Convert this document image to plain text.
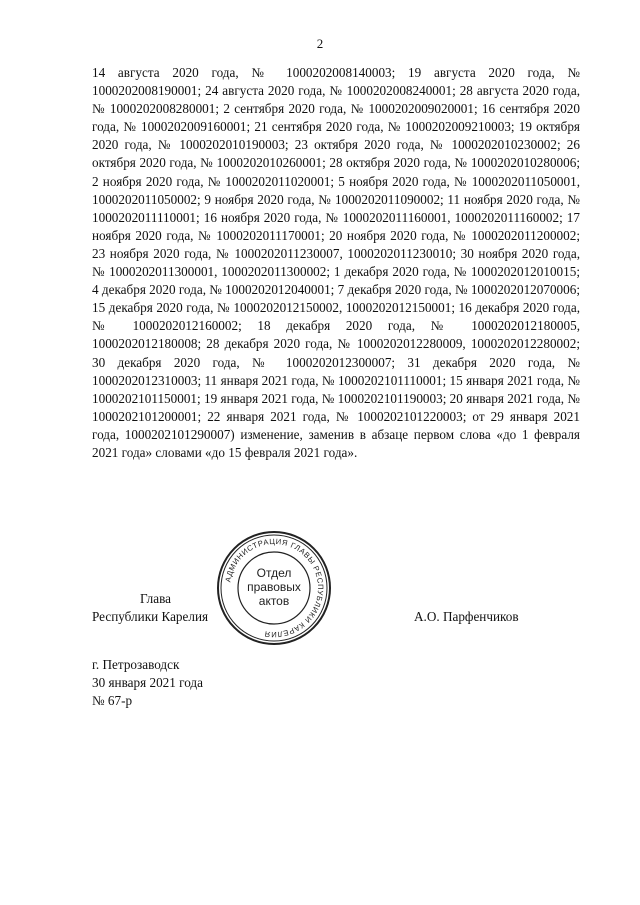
2

14 августа 2020 года, № 1000202008140003; 19 августа 2020 года, № 1000202008190001; 24 августа 2020 года, № 1000202008240001; 28 августа 2020 года, № 1000202008280001; 2 сентября 2020 года, № 1000202009020001; 16 сентября 2020 года, № 1000202009160001; 21 сентября 2020 года, № 1000202009210003; 19 октября 2020 года, № 1000202010190003; 23 октября 2020 года, № 1000202010230002; 26 октября 2020 года, № 1000202010260001; 28 октября 2020 года, № 1000202010280006; 2 ноября 2020 года, № 1000202011020001; 5 ноября 2020 года, № 1000202011050001, 1000202011050002; 9 ноября 2020 года, № 1000202011090002; 11 ноября 2020 года, № 1000202011110001; 16 ноября 2020 года, № 1000202011160001, 1000202011160002; 17 ноября 2020 года, № 1000202011170001; 20 ноября 2020 года, № 1000202011200002; 23 ноября 2020 года, № 1000202011230007, 1000202011230010; 30 ноября 2020 года, № 1000202011300001, 1000202011300002; 1 декабря 2020 года, № 1000202012010015; 4 декабря 2020 года, № 1000202012040001; 7 декабря 2020 года, № 1000202012070006; 15 декабря 2020 года, № 1000202012150002, 1000202012150001; 16 декабря 2020 года, № 1000202012160002; 18 декабря 2020 года, № 1000202012180005, 1000202012180008; 28 декабря 2020 года, № 1000202012280009, 1000202012280002; 30 декабря 2020 года, № 1000202012300007; 31 декабря 2020 года, № 1000202012310003; 11 января 2021 года, № 1000202101110001; 15 января 2021 года, № 1000202101150001; 19 января 2021 года, № 1000202101190003; 20 января 2021 года, № 1000202101200001; 22 января 2021 года, № 1000202101220003; от 29 января 2021 года, 1000202101290007) изменение, заменив в абзаце первом слова «до 1 февраля 2021 года» словами «до 15 февраля 2021 года».

Глава
Республики Карелия	А.О. Парфенчиков
АДМИНИСТРАЦИЯ ГЛАВЫ РЕСПУБЛИКИ КАРЕЛИЯ
Отдел
правовых
актов
г. Петрозаводск
30 января 2021 года
№ 67-р
